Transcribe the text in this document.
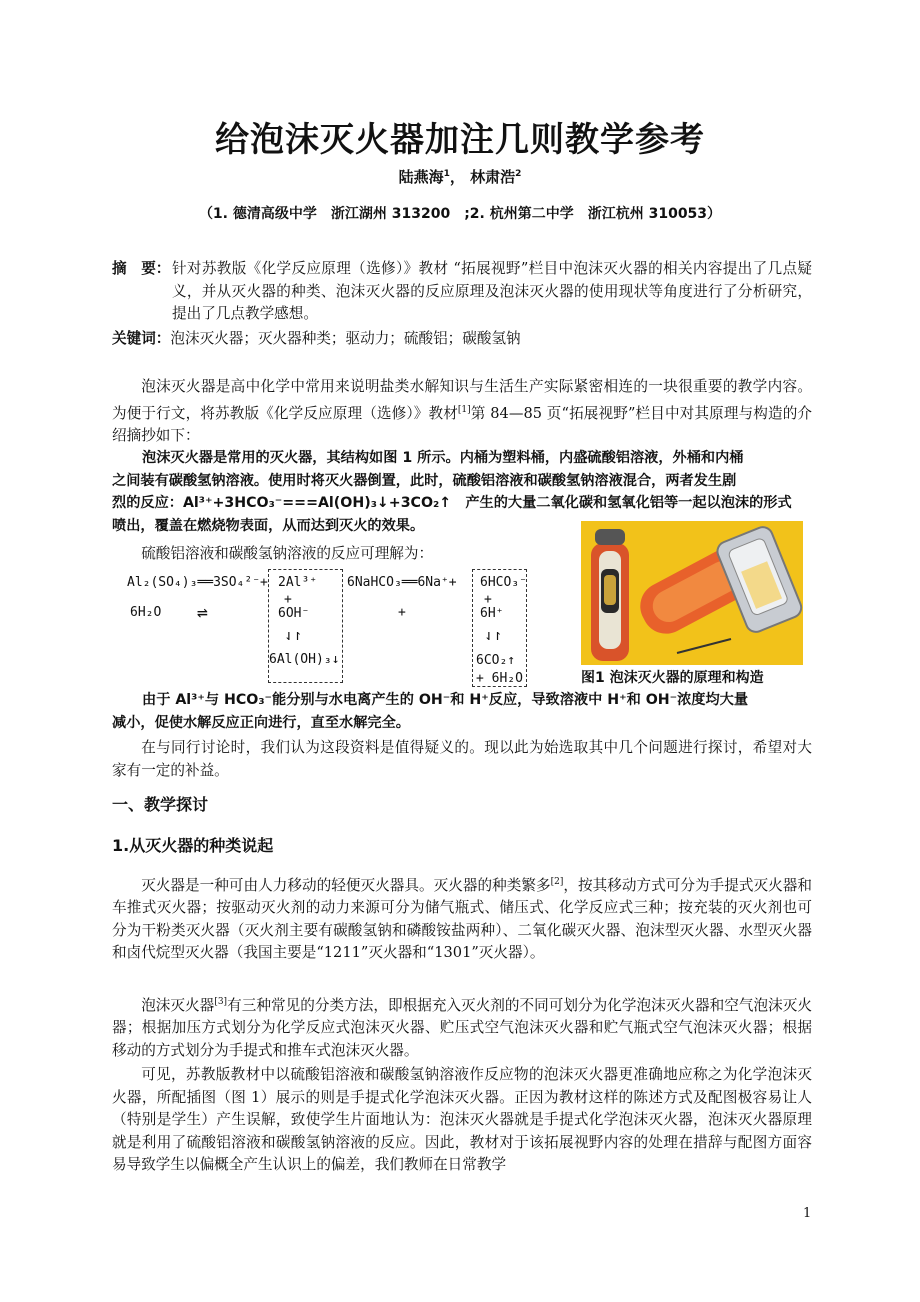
给泡沫灭火器加注几则教学参考
陆燕海$^1$， 林肃浩$^2$
（1. 德清高级中学　浙江湖州 313200　;2. 杭州第二中学　浙江杭州 310053）
摘　要： 针对苏教版《化学反应原理（选修）》教材 “拓展视野”栏目中泡沫灭火器的相关内容提出了几点疑义，并从灭火器的种类、泡沫灭火器的反应原理及泡沫灭火器的使用现状等角度进行了分析研究，提出了几点教学感想。
关键词：泡沫灭火器；灭火器种类；驱动力；硫酸铝；碳酸氢钠
泡沫灭火器是高中化学中常用来说明盐类水解知识与生活生产实际紧密相连的一块很重要的教学内容。为便于行文，将苏教版《化学反应原理（选修）》教材[1]第 84—85 页“拓展视野”栏目中对其原理与构造的介绍摘抄如下：
泡沫灭火器是常用的灭火器，其结构如图 1 所示。内桶为塑料桶，内盛硫酸铝溶液，外桶和内桶
之间装有碳酸氢钠溶液。使用时将灭火器倒置，此时，硫酸铝溶液和碳酸氢钠溶液混合，两者发生剧
烈的反应：Al³⁺+3HCO₃⁻===Al(OH)₃↓+3CO₂↑　产生的大量二氧化碳和氢氧化铝等一起以泡沫的形式
喷出，覆盖在燃烧物表面，从而达到灭火的效果。
硫酸铝溶液和碳酸氢钠溶液的反应可理解为：
Al₂(SO₄)₃══3SO₄²⁻+
6H₂O ⇌
2Al³⁺
+
6OH⁻
⇃↾
6Al(OH)₃↓
6NaHCO₃══6Na⁺+
+
6HCO₃⁻
+
6H⁺
⇃↾
6CO₂↑
+ 6H₂O	图1 泡沫灭火器的原理和构造
由于 Al³⁺与 HCO₃⁻能分别与水电离产生的 OH⁻和 H⁺反应，导致溶液中 H⁺和 OH⁻浓度均大量
减小，促使水解反应正向进行，直至水解完全。
在与同行讨论时，我们认为这段资料是值得疑义的。现以此为始选取其中几个问题进行探讨，希望对大家有一定的补益。
一、教学探讨
1.从灭火器的种类说起
灭火器是一种可由人力移动的轻便灭火器具。灭火器的种类繁多[2]，按其移动方式可分为手提式灭火器和车推式灭火器；按驱动灭火剂的动力来源可分为储气瓶式、储压式、化学反应式三种；按充装的灭火剂也可分为干粉类灭火器（灭火剂主要有碳酸氢钠和磷酸铵盐两种）、二氧化碳灭火器、泡沫型灭火器、水型灭火器和卤代烷型灭火器（我国主要是“1211”灭火器和“1301”灭火器）。
泡沫灭火器[3]有三种常见的分类方法，即根据充入灭火剂的不同可划分为化学泡沫灭火器和空气泡沫灭火器；根据加压方式划分为化学反应式泡沫灭火器、贮压式空气泡沫灭火器和贮气瓶式空气泡沫灭火器；根据移动的方式划分为手提式和推车式泡沫灭火器。
可见，苏教版教材中以硫酸铝溶液和碳酸氢钠溶液作反应物的泡沫灭火器更准确地应称之为化学泡沫灭火器，所配插图（图 1）展示的则是手提式化学泡沫灭火器。正因为教材这样的陈述方式及配图极容易让人（特别是学生）产生误解，致使学生片面地认为：泡沫灭火器就是手提式化学泡沫灭火器，泡沫灭火器原理就是利用了硫酸铝溶液和碳酸氢钠溶液的反应。因此，教材对于该拓展视野内容的处理在措辞与配图方面容易导致学生以偏概全产生认识上的偏差，我们教师在日常教学
1
